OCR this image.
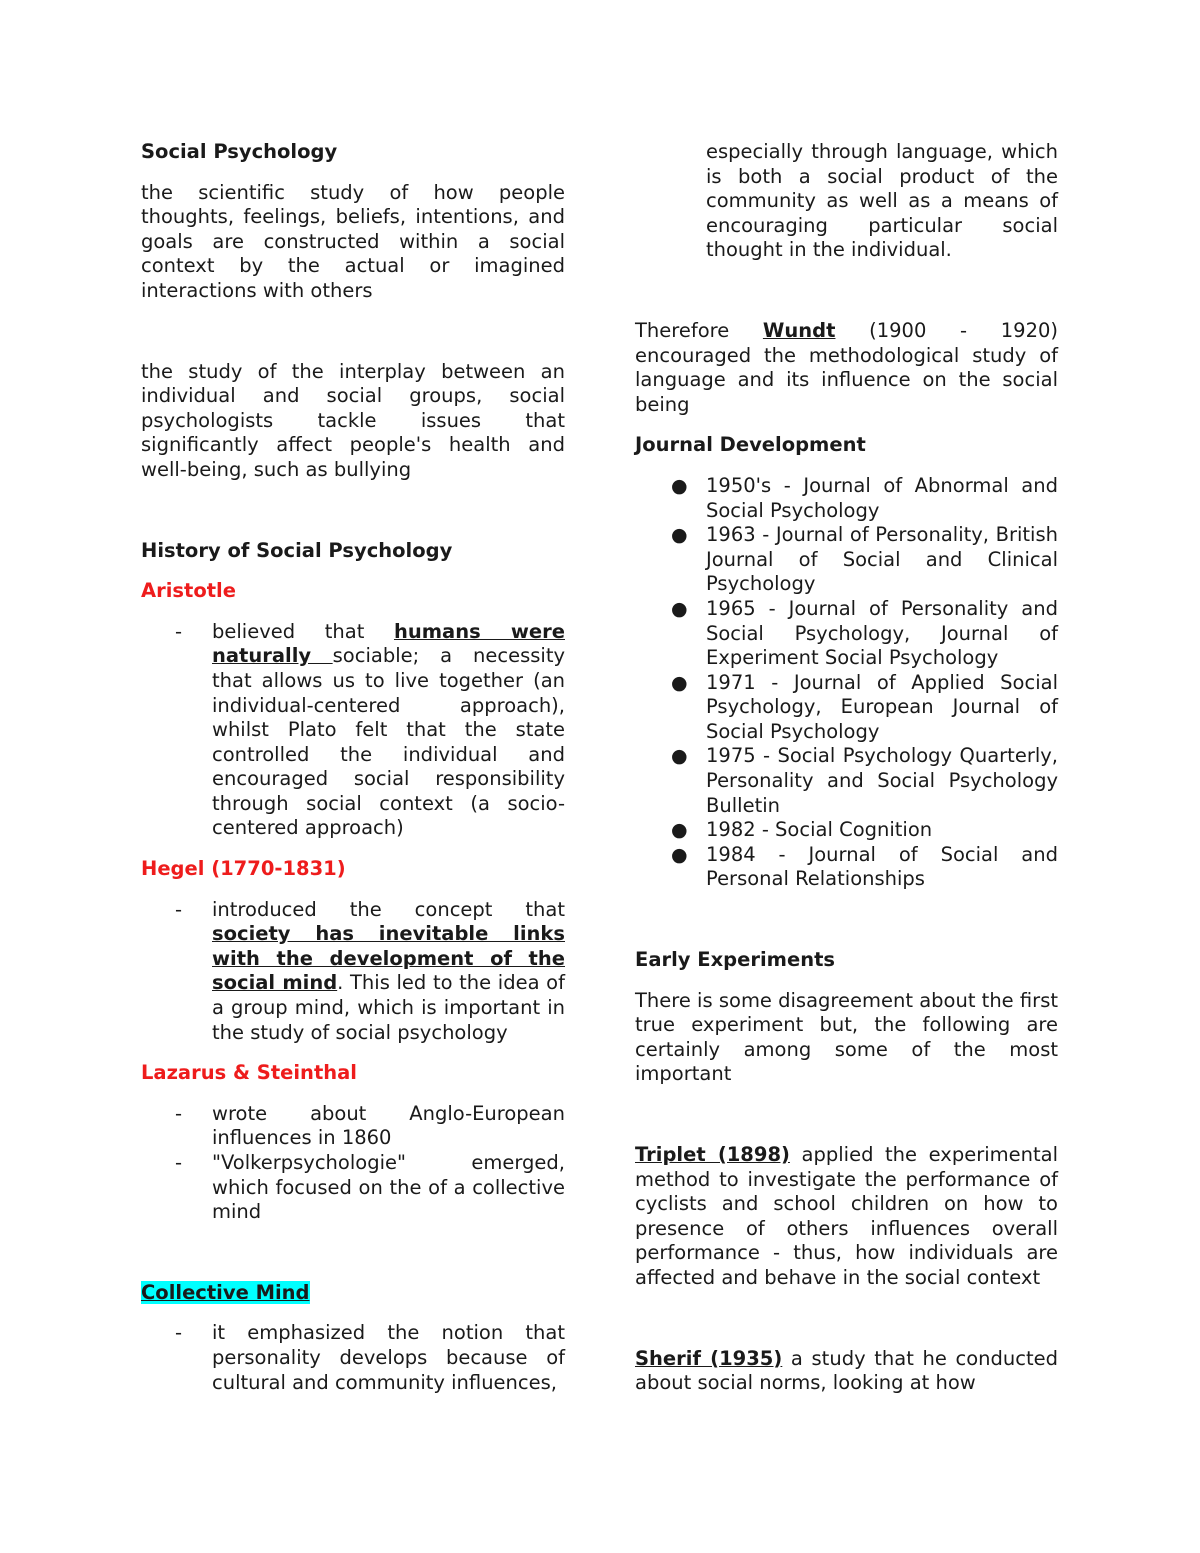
Social Psychology

the scientific study of how people thoughts, feelings, beliefs, intentions, and goals are constructed within a social context by the actual or imagined interactions with others

the study of the interplay between an individual and social groups, social psychologists tackle issues that significantly affect people's health and well-being, such as bullying

History of Social Psychology

Aristotle

- believed that humans were naturally sociable; a necessity that allows us to live together (an individual-centered approach), whilst Plato felt that the state controlled the individual and encouraged social responsibility through social context (a socio-centered approach)

Hegel (1770-1831)

- introduced the concept that society has inevitable links with the development of the social mind. This led to the idea of a group mind, which is important in the study of social psychology

Lazarus & Steinthal

- wrote about Anglo-European influences in 1860
- "Volkerpsychologie" emerged, which focused on the of a collective mind

Collective Mind

- it emphasized the notion that personality develops because of cultural and community influences,

especially through language, which is both a social product of the community as well as a means of encouraging particular social thought in the individual.

Therefore Wundt (1900 - 1920) encouraged the methodological study of language and its influence on the social being

Journal Development

● 1950's - Journal of Abnormal and Social Psychology
● 1963 - Journal of Personality, British Journal of Social and Clinical Psychology
● 1965 - Journal of Personality and Social Psychology, Journal of Experiment Social Psychology
● 1971 - Journal of Applied Social Psychology, European Journal of Social Psychology
● 1975 - Social Psychology Quarterly, Personality and Social Psychology Bulletin
● 1982 - Social Cognition
● 1984 - Journal of Social and Personal Relationships

Early Experiments

There is some disagreement about the first true experiment but, the following are certainly among some of the most important

Triplet (1898) applied the experimental method to investigate the performance of cyclists and school children on how to presence of others influences overall performance - thus, how individuals are affected and behave in the social context

Sherif (1935) a study that he conducted about social norms, looking at how
